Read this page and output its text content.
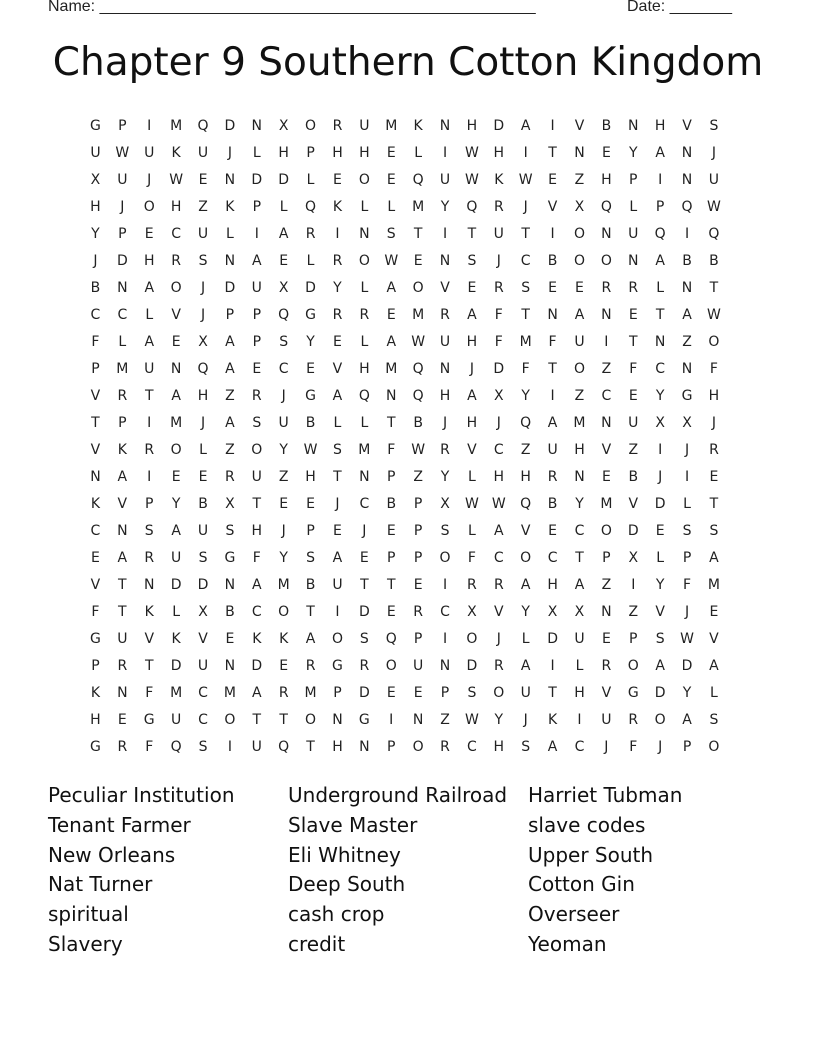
Name: _________________________________________________	Date: _______
Chapter 9 Southern Cotton Kingdom
G	P	I	M	Q	D	N	X	O	R	U	M	K	N	H	D	A	I	V	B	N	H	V	S
U	W	U	K	U	J	L	H	P	H	H	E	L	I	W	H	I	T	N	E	Y	A	N	J
X	U	J	W	E	N	D	D	L	E	O	E	Q	U	W	K	W	E	Z	H	P	I	N	U
H	J	O	H	Z	K	P	L	Q	K	L	L	M	Y	Q	R	J	V	X	Q	L	P	Q	W
Y	P	E	C	U	L	I	A	R	I	N	S	T	I	T	U	T	I	O	N	U	Q	I	Q
J	D	H	R	S	N	A	E	L	R	O	W	E	N	S	J	C	B	O	O	N	A	B	B
B	N	A	O	J	D	U	X	D	Y	L	A	O	V	E	R	S	E	E	R	R	L	N	T
C	C	L	V	J	P	P	Q	G	R	R	E	M	R	A	F	T	N	A	N	E	T	A	W
F	L	A	E	X	A	P	S	Y	E	L	A	W	U	H	F	M	F	U	I	T	N	Z	O
P	M	U	N	Q	A	E	C	E	V	H	M	Q	N	J	D	F	T	O	Z	F	C	N	F
V	R	T	A	H	Z	R	J	G	A	Q	N	Q	H	A	X	Y	I	Z	C	E	Y	G	H
T	P	I	M	J	A	S	U	B	L	L	T	B	J	H	J	Q	A	M	N	U	X	X	J
V	K	R	O	L	Z	O	Y	W	S	M	F	W	R	V	C	Z	U	H	V	Z	I	J	R
N	A	I	E	E	R	U	Z	H	T	N	P	Z	Y	L	H	H	R	N	E	B	J	I	E
K	V	P	Y	B	X	T	E	E	J	C	B	P	X	W W	Q	B	Y	M	V	D	L	T
C	N	S	A	U	S	H	J	P	E	J	E	P	S	L	A	V	E	C	O	D	E	S	S
E	A	R	U	S	G	F	Y	S	A	E	P	P	O	F	C	O	C	T	P	X	L	P	A
V	T	N	D	D	N	A	M	B	U	T	T	E	I	R	R	A	H	A	Z	I	Y	F	M
F	T	K	L	X	B	C	O	T	I	D	E	R	C	X	V	Y	X	X	N	Z	V	J	E
G	U	V	K	V	E	K	K	A	O	S	Q	P	I	O	J	L	D	U	E	P	S	W	V
P	R	T	D	U	N	D	E	R	G	R	O	U	N	D	R	A	I	L	R	O	A	D	A
K	N	F	M	C	M	A	R	M	P	D	E	E	P	S	O	U	T	H	V	G	D	Y	L
H	E	G	U	C	O	T	T	O	N	G	I	N	Z	W	Y	J	K	I	U	R	O	A	S
G	R	F	Q	S	I	U	Q	T	H	N	P	O	R	C	H	S	A	C	J	F	J	P	O
Peculiar Institution
Tenant Farmer
New Orleans
Nat Turner
spiritual
Slavery
Underground Railroad
Slave Master
Eli Whitney
Deep South
cash crop
credit
Harriet Tubman
slave codes
Upper South
Cotton Gin
Overseer
Yeoman
